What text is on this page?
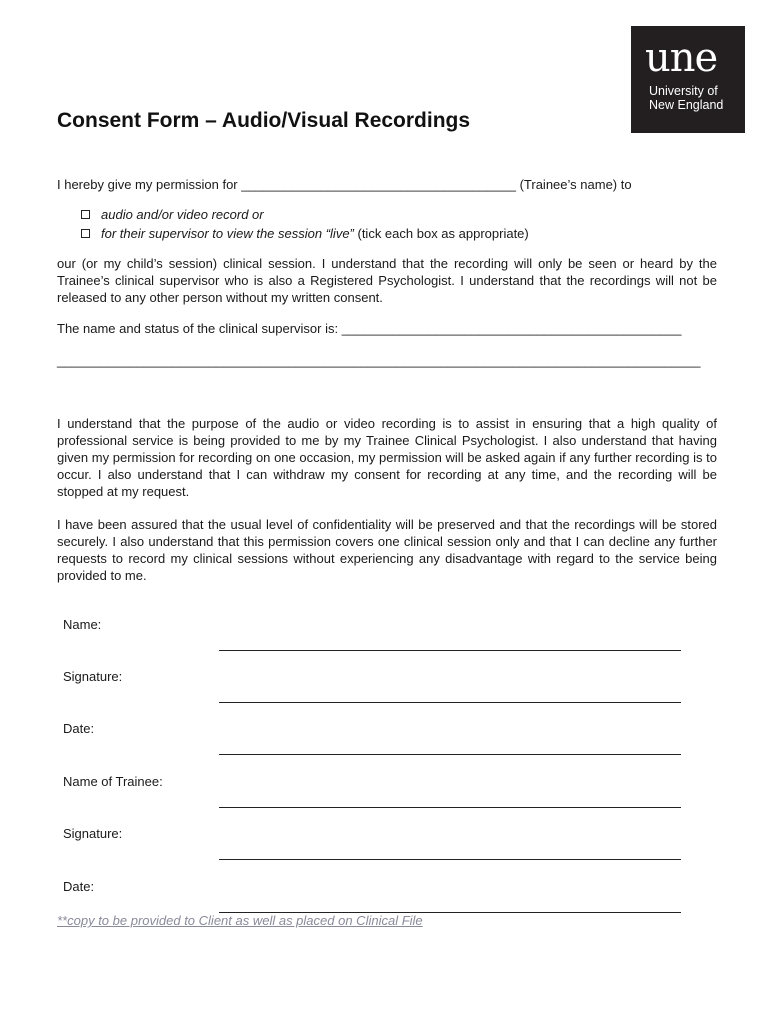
une
University of
New England
Consent Form – Audio/Visual Recordings

I hereby give my permission for ______________________________________ (Trainee’s name) to

audio and/or video record or
for their supervisor to view the session “live” (tick each box as appropriate)

our (or my child’s session) clinical session. I understand that the recording will only be seen or heard by the Trainee’s clinical supervisor who is also a Registered Psychologist. I understand that the recordings will not be released to any other person without my written consent.

The name and status of the clinical supervisor is: _______________________________________________

_________________________________________________________________________________________

I understand that the purpose of the audio or video recording is to assist in ensuring that a high quality of professional service is being provided to me by my Trainee Clinical Psychologist. I also understand that having given my permission for recording on one occasion, my permission will be asked again if any further recording is to occur. I also understand that I can withdraw my consent for recording at any time, and the recording will be stopped at my request.

I have been assured that the usual level of confidentiality will be preserved and that the recordings will be stored securely. I also understand that this permission covers one clinical session only and that I can decline any further requests to record my clinical sessions without experiencing any disadvantage with regard to the service being provided to me.

Name:
Signature:
Date:
Name of Trainee:
Signature:
Date:
**copy to be provided to Client as well as placed on Clinical File
